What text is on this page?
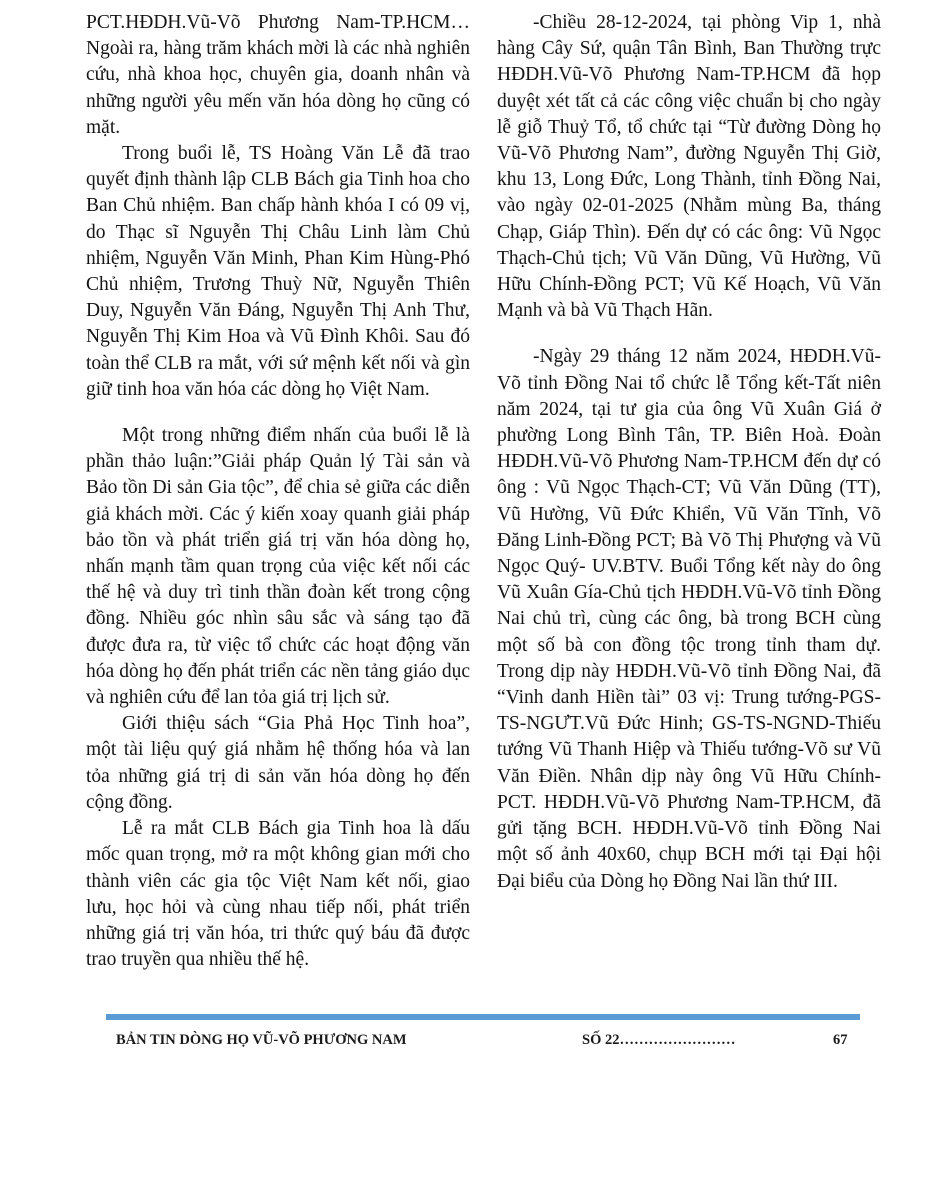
PCT.HĐDH.Vũ-Võ Phương Nam-TP.HCM…Ngoài ra, hàng trăm khách mời là các nhà nghiên cứu, nhà khoa học, chuyên gia, doanh nhân và những người yêu mến văn hóa dòng họ cũng có mặt.

Trong buổi lễ, TS Hoàng Văn Lễ đã trao quyết định thành lập CLB Bách gia Tinh hoa cho Ban Chủ nhiệm. Ban chấp hành khóa I có 09 vị, do Thạc sĩ Nguyễn Thị Châu Linh làm Chủ nhiệm, Nguyễn Văn Minh, Phan Kim Hùng-Phó Chủ nhiệm, Trương Thuỳ Nữ, Nguyễn Thiên Duy, Nguyễn Văn Đáng, Nguyễn Thị Anh Thư, Nguyễn Thị Kim Hoa và Vũ Đình Khôi. Sau đó toàn thể CLB ra mắt, với sứ mệnh kết nối và gìn giữ tinh hoa văn hóa các dòng họ Việt Nam.

Một trong những điểm nhấn của buổi lễ là phần thảo luận:”Giải pháp Quản lý Tài sản và Bảo tồn Di sản Gia tộc”, để chia sẻ giữa các diễn giả khách mời. Các ý kiến xoay quanh giải pháp bảo tồn và phát triển giá trị văn hóa dòng họ, nhấn mạnh tầm quan trọng của việc kết nối các thế hệ và duy trì tinh thần đoàn kết trong cộng đồng. Nhiều góc nhìn sâu sắc và sáng tạo đã được đưa ra, từ việc tổ chức các hoạt động văn hóa dòng họ đến phát triển các nền tảng giáo dục và nghiên cứu để lan tỏa giá trị lịch sử.

Giới thiệu sách “Gia Phả Học Tinh hoa”, một tài liệu quý giá nhằm hệ thống hóa và lan tỏa những giá trị di sản văn hóa dòng họ đến cộng đồng.

Lễ ra mắt CLB Bách gia Tinh hoa là dấu mốc quan trọng, mở ra một không gian mới cho thành viên các gia tộc Việt Nam kết nối, giao lưu, học hỏi và cùng nhau tiếp nối, phát triển những giá trị văn hóa, tri thức quý báu đã được trao truyền qua nhiều thế hệ.

-Chiều 28-12-2024, tại phòng Vip 1, nhà hàng Cây Sứ, quận Tân Bình, Ban Thường trực HĐDH.Vũ-Võ Phương Nam-TP.HCM đã họp duyệt xét tất cả các công việc chuẩn bị cho ngày lễ giỗ Thuỷ Tổ, tổ chức tại “Từ đường Dòng họ Vũ-Võ Phương Nam”, đường Nguyễn Thị Giờ, khu 13, Long Đức, Long Thành, tỉnh Đồng Nai, vào ngày 02-01-2025 (Nhằm mùng Ba, tháng Chạp, Giáp Thìn). Đến dự có các ông: Vũ Ngọc Thạch-Chủ tịch; Vũ Văn Dũng, Vũ Hường, Vũ Hữu Chính-Đồng PCT; Vũ Kế Hoạch, Vũ Văn Mạnh và bà Vũ Thạch Hãn.

-Ngày 29 tháng 12 năm 2024, HĐDH.Vũ-Võ tỉnh Đồng Nai tổ chức lễ Tổng kết-Tất niên năm 2024, tại tư gia của ông Vũ Xuân Giá ở phường Long Bình Tân, TP. Biên Hoà. Đoàn HĐDH.Vũ-Võ Phương Nam-TP.HCM đến dự có ông : Vũ Ngọc Thạch-CT; Vũ Văn Dũng (TT), Vũ Hường, Vũ Đức Khiển, Vũ Văn Tĩnh, Võ Đăng Linh-Đồng PCT; Bà Võ Thị Phượng và Vũ Ngọc Quý- UV.BTV. Buổi Tổng kết này do ông Vũ Xuân Gía-Chủ tịch HĐDH.Vũ-Võ tỉnh Đồng Nai chủ trì, cùng các ông, bà trong BCH cùng một số bà con đồng tộc trong tỉnh tham dự. Trong dịp này HĐDH.Vũ-Võ tỉnh Đồng Nai, đã “Vinh danh Hiền tài” 03 vị: Trung tướng-PGS-TS-NGƯT.Vũ Đức Hinh; GS-TS-NGND-Thiếu tướng Vũ Thanh Hiệp và Thiếu tướng-Võ sư Vũ Văn Điền. Nhân dịp này ông Vũ Hữu Chính-PCT. HĐDH.Vũ-Võ Phương Nam-TP.HCM, đã gửi tặng BCH. HĐDH.Vũ-Võ tỉnh Đồng Nai một số ảnh 40x60, chụp BCH mới tại Đại hội Đại biểu của Dòng họ Đồng Nai lần thứ III.

BẢN TIN DÒNG HỌ VŨ-VÕ PHƯƠNG NAM	SỐ 22……………………	67
